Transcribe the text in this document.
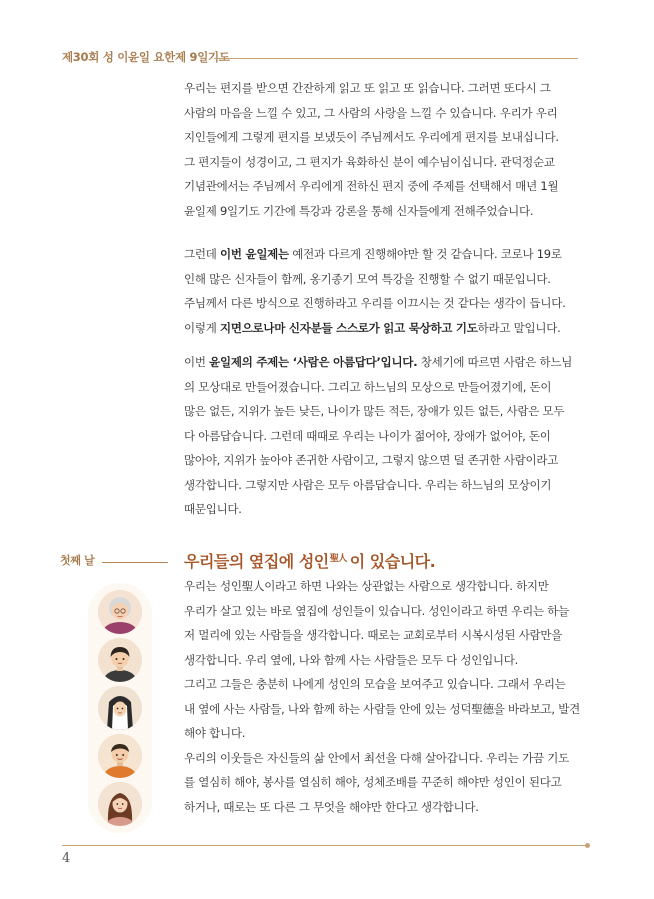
제30회 성 이윤일 요한제 9일기도

우리는 편지를 받으면 간잔하게 읽고 또 읽고 또 읽습니다. 그러면 또다시 그

사람의 마음을 느낄 수 있고, 그 사람의 사랑을 느낄 수 있습니다. 우리가 우리

지인들에게 그렇게 편지를 보냈듯이 주님께서도 우리에게 편지를 보내십니다.

그 편지들이 성경이고, 그 편지가 육화하신 분이 예수님이십니다. 관덕정순교

기념관에서는 주님께서 우리에게 전하신 편지 중에 주제를 선택해서 매년 1월

윤일제 9일기도 기간에 특강과 강론을 통해 신자들에게 전해주었습니다.

그런데 이번 윤일제는 예전과 다르게 진행해야만 할 것 같습니다. 코로나 19로

인해 많은 신자들이 함께, 옹기종기 모여 특강을 진행할 수 없기 때문입니다.

주님께서 다른 방식으로 진행하라고 우리를 이끄시는 것 같다는 생각이 듭니다.

이렇게 지면으로나마 신자분들 스스로가 읽고 묵상하고 기도하라고 말입니다.

이번 윤일제의 주제는 ‘사람은 아름답다’입니다. 창세기에 따르면 사람은 하느님

의 모상대로 만들어졌습니다. 그리고 하느님의 모상으로 만들어졌기에, 돈이

많은 없든, 지위가 높든 낮든, 나이가 많든 적든, 장애가 있든 없든, 사람은 모두

다 아름답습니다. 그런데 때때로 우리는 나이가 젊어야, 장애가 없어야, 돈이

많아야, 지위가 높아야 존귀한 사람이고, 그렇지 않으면 덜 존귀한 사람이라고

생각합니다. 그렇지만 사람은 모두 아름답습니다. 우리는 하느님의 모상이기

때문입니다.

첫째 날	우리들의 옆집에 성인$^{聖人}$ 이 있습니다.

우리는 성인聖人이라고 하면 나와는 상관없는 사람으로 생각합니다. 하지만

우리가 살고 있는 바로 옆집에 성인들이 있습니다. 성인이라고 하면 우리는 하늘

저 멀리에 있는 사람들을 생각합니다. 때로는 교회로부터 시복시성된 사람만을

생각합니다. 우리 옆에, 나와 함께 사는 사람들은 모두 다 성인입니다.

그리고 그들은 충분히 나에게 성인의 모습을 보여주고 있습니다. 그래서 우리는

내 옆에 사는 사람들, 나와 함께 하는 사람들 안에 있는 성덕聖德을 바라보고, 발견

해야 합니다.

우리의 이웃들은 자신들의 삶 안에서 최선을 다해 살아갑니다. 우리는 가끔 기도

를 열심히 해야, 봉사를 열심히 해야, 성체조배를 꾸준히 해야만 성인이 된다고

하거나, 때로는 또 다른 그 무엇을 해야만 한다고 생각합니다.

4
